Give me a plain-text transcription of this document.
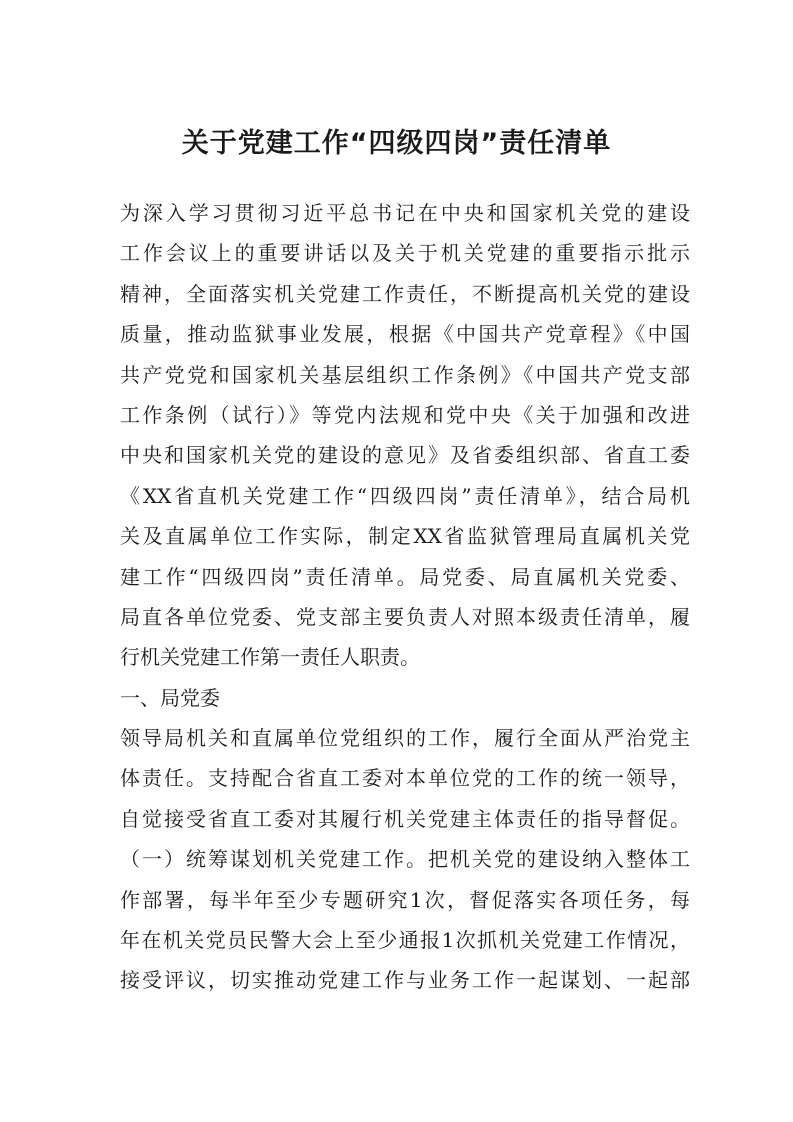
关于党建工作“四级四岗”责任清单
为深入学习贯彻习近平总书记在中央和国家机关党的建设
工作会议上的重要讲话以及关于机关党建的重要指示批示
精神，全面落实机关党建工作责任，不断提高机关党的建设
质量，推动监狱事业发展，根据《中国共产党章程》《中国
共产党党和国家机关基层组织工作条例》《中国共产党支部
工作条例（试行）》等党内法规和党中央《关于加强和改进
中央和国家机关党的建设的意见》及省委组织部、省直工委
《XX省直机关党建工作“四级四岗”责任清单》，结合局机
关及直属单位工作实际，制定XX省监狱管理局直属机关党
建工作“四级四岗”责任清单。局党委、局直属机关党委、
局直各单位党委、党支部主要负责人对照本级责任清单，履
行机关党建工作第一责任人职责。
一、局党委
领导局机关和直属单位党组织的工作，履行全面从严治党主
体责任。支持配合省直工委对本单位党的工作的统一领导，
自觉接受省直工委对其履行机关党建主体责任的指导督促。
（一）统筹谋划机关党建工作。把机关党的建设纳入整体工
作部署，每半年至少专题研究1次，督促落实各项任务，每
年在机关党员民警大会上至少通报1次抓机关党建工作情况，
接受评议，切实推动党建工作与业务工作一起谋划、一起部
